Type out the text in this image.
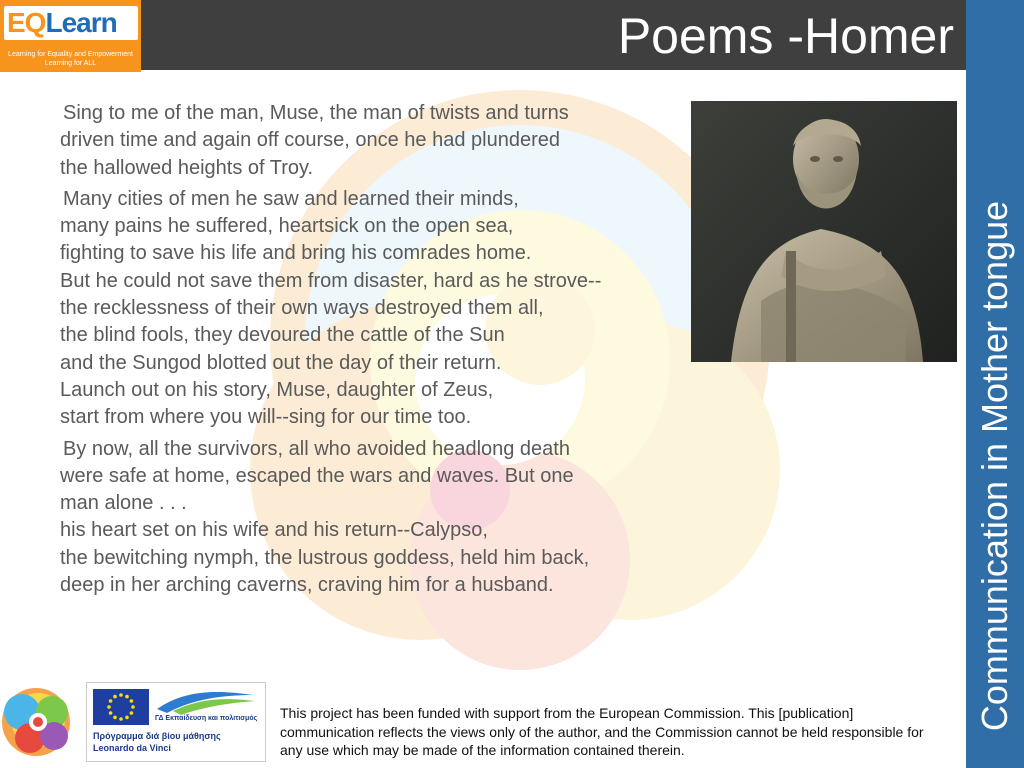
Poems -Homer
EQLearn
Learning for Equality and Empowerment
Learning for ALL
Communication in Mother tongue

Sing to me of the man, Muse, the man of twists and turns
driven time and again off course, once he had plundered
the hallowed heights of Troy.

Many cities of men he saw and learned their minds,
many pains he suffered, heartsick on the open sea,
fighting to save his life and bring his comrades home.
But he could not save them from disaster, hard as he strove--
the recklessness of their own ways destroyed them all,
the blind fools, they devoured the cattle of the Sun
and the Sungod blotted out the day of their return.
Launch out on his story, Muse, daughter of Zeus,
start from where you will--sing for our time too.

By now, all the survivors, all who avoided headlong death
were safe at home, escaped the wars and waves. But one
man alone . . .
his heart set on his wife and his return--Calypso,
the bewitching nymph, the lustrous goddess, held him back,
deep in her arching caverns, craving him for a husband.

ΓΔ Εκπαίδευση και πολιτισμός
Πρόγραμμα διά βίου μάθησης
Leonardo da Vinci

This project has been funded with support from the European Commission. This [publication] communication reflects the views only of the author, and the Commission cannot be held responsible for any use which may be made of the information contained therein.
